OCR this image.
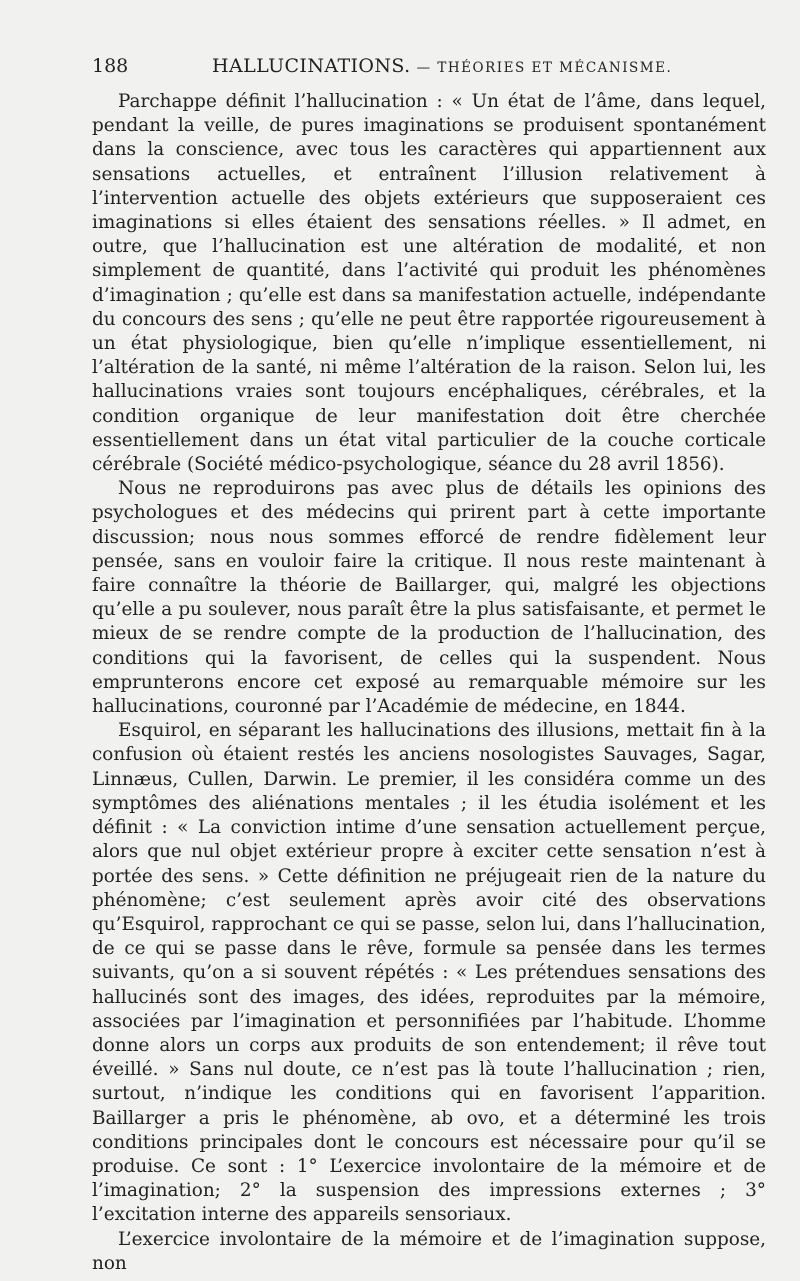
188	HALLUCINATIONS. — THÉORIES ET MÉCANISME.

Parchappe définit l’hallucination : « Un état de l’âme, dans lequel, pendant la veille, de pures imaginations se produisent spontanément dans la conscience, avec tous les caractères qui appartiennent aux sensations actuelles, et entraînent l’illusion relativement à l’intervention actuelle des objets extérieurs que supposeraient ces imaginations si elles étaient des sensations réelles. » Il admet, en outre, que l’hallucination est une altération de modalité, et non simplement de quantité, dans l’activité qui produit les phénomènes d’imagination ; qu’elle est dans sa manifestation actuelle, indépendante du concours des sens ; qu’elle ne peut être rapportée rigoureusement à un état physiologique, bien qu’elle n’implique essentiellement, ni l’altération de la santé, ni même l’altération de la raison. Selon lui, les hallucinations vraies sont toujours encéphaliques, cérébrales, et la condition organique de leur manifestation doit être cherchée essentiellement dans un état vital particulier de la couche corticale cérébrale (Société médico-psychologique, séance du 28 avril 1856).

Nous ne reproduirons pas avec plus de détails les opinions des psychologues et des médecins qui prirent part à cette importante discussion; nous nous sommes efforcé de rendre fidèlement leur pensée, sans en vouloir faire la critique. Il nous reste maintenant à faire connaître la théorie de Baillarger, qui, malgré les objections qu’elle a pu soulever, nous paraît être la plus satisfaisante, et permet le mieux de se rendre compte de la production de l’hallucination, des conditions qui la favorisent, de celles qui la suspendent. Nous emprunterons encore cet exposé au remarquable mémoire sur les hallucinations, couronné par l’Académie de médecine, en 1844.

Esquirol, en séparant les hallucinations des illusions, mettait fin à la confusion où étaient restés les anciens nosologistes Sauvages, Sagar, Linnæus, Cullen, Darwin. Le premier, il les considéra comme un des symptômes des aliénations mentales ; il les étudia isolément et les définit : « La conviction intime d’une sensation actuellement perçue, alors que nul objet extérieur propre à exciter cette sensation n’est à portée des sens. » Cette définition ne préjugeait rien de la nature du phénomène; c’est seulement après avoir cité des observations qu’Esquirol, rapprochant ce qui se passe, selon lui, dans l’hallucination, de ce qui se passe dans le rêve, formule sa pensée dans les termes suivants, qu’on a si souvent répétés : « Les prétendues sensations des hallucinés sont des images, des idées, reproduites par la mémoire, associées par l’imagination et personnifiées par l’habitude. L’homme donne alors un corps aux produits de son entendement; il rêve tout éveillé. » Sans nul doute, ce n’est pas là toute l’hallucination ; rien, surtout, n’indique les conditions qui en favorisent l’apparition. Baillarger a pris le phénomène, ab ovo, et a déterminé les trois conditions principales dont le concours est nécessaire pour qu’il se produise. Ce sont : 1° L’exercice involontaire de la mémoire et de l’imagination; 2° la suspension des impressions externes ; 3° l’excitation interne des appareils sensoriaux.

L’exercice involontaire de la mémoire et de l’imagination suppose, non
